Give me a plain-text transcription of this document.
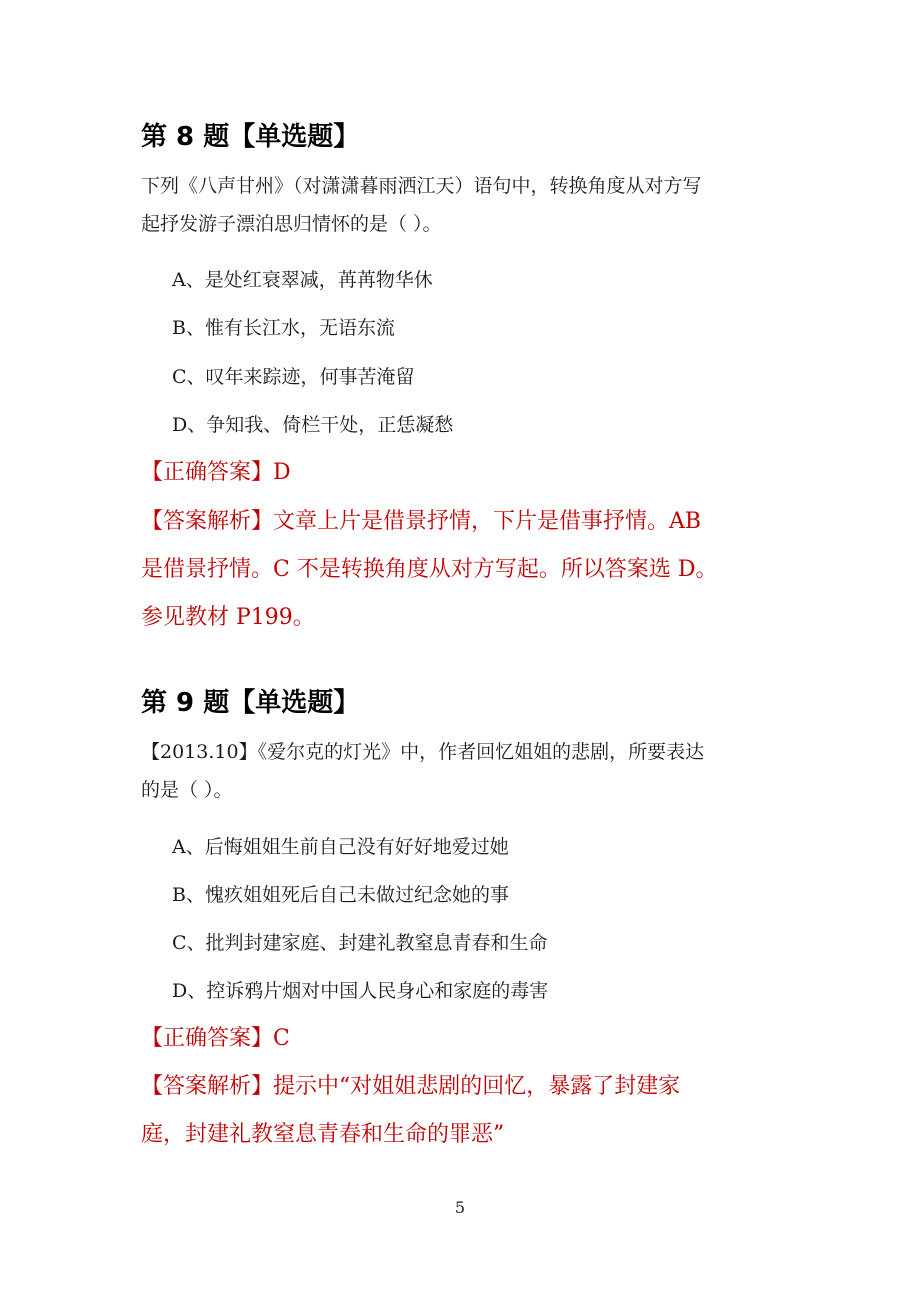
第 8 题【单选题】
下列《八声甘州》（对潇潇暮雨洒江天）语句中，转换角度从对方写
起抒发游子漂泊思归情怀的是（ ）。
A、是处红衰翠减，苒苒物华休
B、惟有长江水，无语东流
C、叹年来踪迹，何事苦淹留
D、争知我、倚栏干处，正恁凝愁
【正确答案】D
【答案解析】文章上片是借景抒情，下片是借事抒情。AB
是借景抒情。C 不是转换角度从对方写起。所以答案选 D。
参见教材 P199。
第 9 题【单选题】
【2013.10】《爱尔克的灯光》中，作者回忆姐姐的悲剧，所要表达
的是（ ）。
A、后悔姐姐生前自己没有好好地爱过她
B、愧疚姐姐死后自己未做过纪念她的事
C、批判封建家庭、封建礼教窒息青春和生命
D、控诉鸦片烟对中国人民身心和家庭的毒害
【正确答案】C
【答案解析】提示中“对姐姐悲剧的回忆，暴露了封建家
庭，封建礼教窒息青春和生命的罪恶”
5
